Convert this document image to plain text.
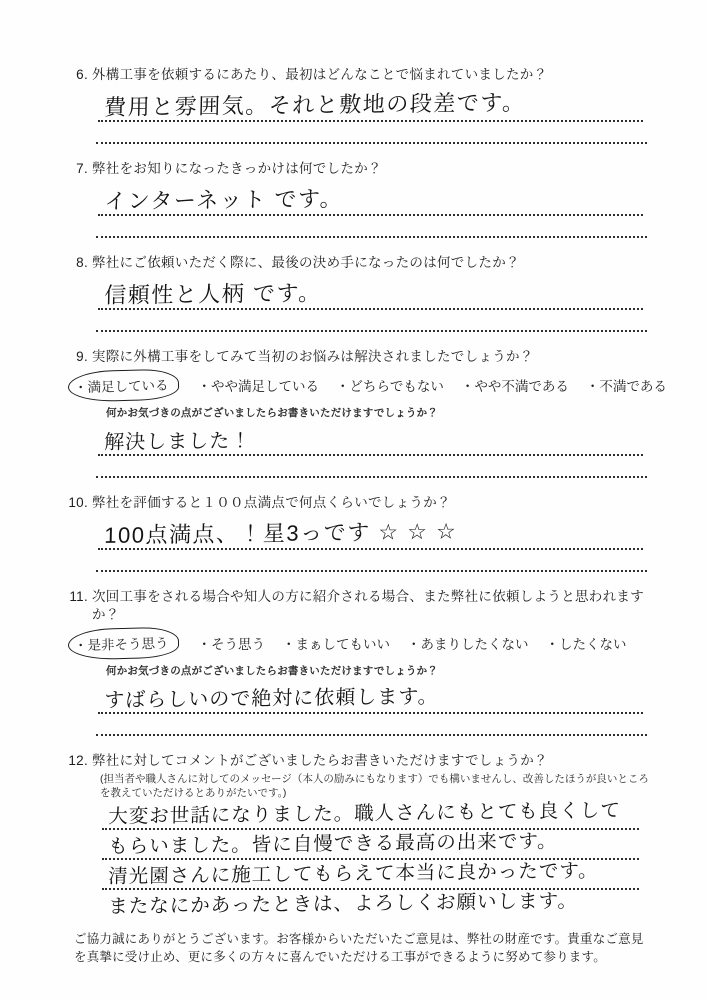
6. 外構工事を依頼するにあたり、最初はどんなことで悩まれていましたか？
費用と雰囲気。それと敷地の段差です。
7. 弊社をお知りになったきっかけは何でしたか？
インターネット です。
8. 弊社にご依頼いただく際に、最後の決め手になったのは何でしたか？
信頼性と人柄 です。
9. 実際に外構工事をしてみて当初のお悩みは解決されましたでしょうか？
・満足している	・やや満足している ・どちらでもない ・やや不満である ・不満である
何かお気づきの点がございましたらお書きいただけますでしょうか？
解決しました！
10. 弊社を評価すると１００点満点で何点くらいでしょうか？
100点満点、！星3っです ☆ ☆ ☆
11. 次回工事をされる場合や知人の方に紹介される場合、また弊社に依頼しようと思われますか？
・是非そう思う	・そう思う ・まぁしてもいい ・あまりしたくない ・したくない
何かお気づきの点がございましたらお書きいただけますでしょうか？
すばらしいので絶対に依頼します。
12. 弊社に対してコメントがございましたらお書きいただけますでしょうか？
(担当者や職人さんに対してのメッセージ（本人の励みにもなります）でも構いませんし、改善したほうが良いところを教えていただけるとありがたいです。)
大変お世話になりました。職人さんにもとても良くして
もらいました。皆に自慢できる最高の出来です。
清光園さんに施工してもらえて本当に良かったです。
またなにかあったときは、よろしくお願いします。

ご協力誠にありがとうございます。お客様からいただいたご意見は、弊社の財産です。貴重なご意見を真摯に受け止め、更に多くの方々に喜んでいただける工事ができるように努めて参ります。
